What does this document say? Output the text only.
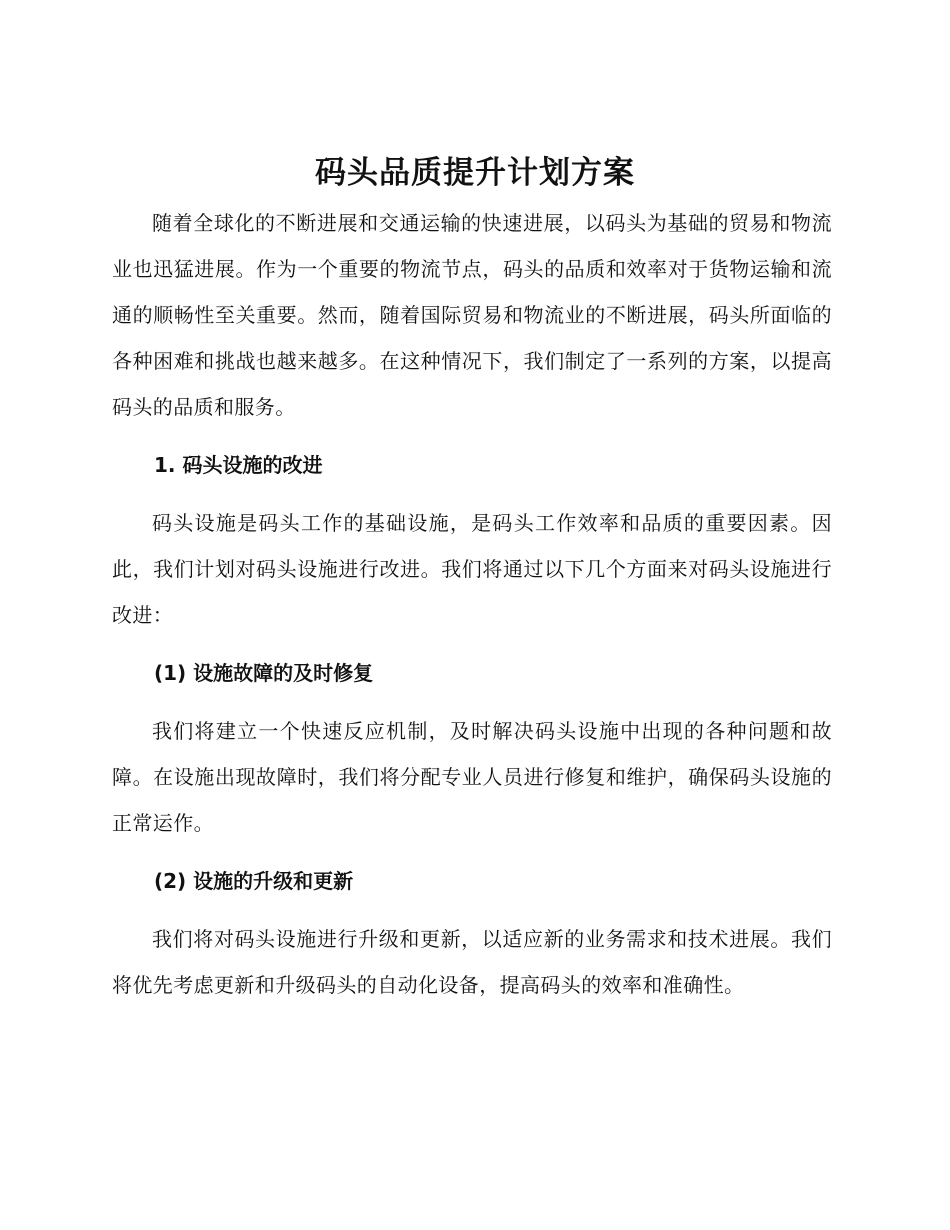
码头品质提升计划方案

随着全球化的不断进展和交通运输的快速进展，以码头为基础的贸易和物流业也迅猛进展。作为一个重要的物流节点，码头的品质和效率对于货物运输和流通的顺畅性至关重要。然而，随着国际贸易和物流业的不断进展，码头所面临的各种困难和挑战也越来越多。在这种情况下，我们制定了一系列的方案，以提高码头的品质和服务。

1. 码头设施的改进

码头设施是码头工作的基础设施，是码头工作效率和品质的重要因素。因此，我们计划对码头设施进行改进。我们将通过以下几个方面来对码头设施进行改进：

(1) 设施故障的及时修复

我们将建立一个快速反应机制，及时解决码头设施中出现的各种问题和故障。在设施出现故障时，我们将分配专业人员进行修复和维护，确保码头设施的正常运作。

(2) 设施的升级和更新

我们将对码头设施进行升级和更新，以适应新的业务需求和技术进展。我们将优先考虑更新和升级码头的自动化设备，提高码头的效率和准确性。
